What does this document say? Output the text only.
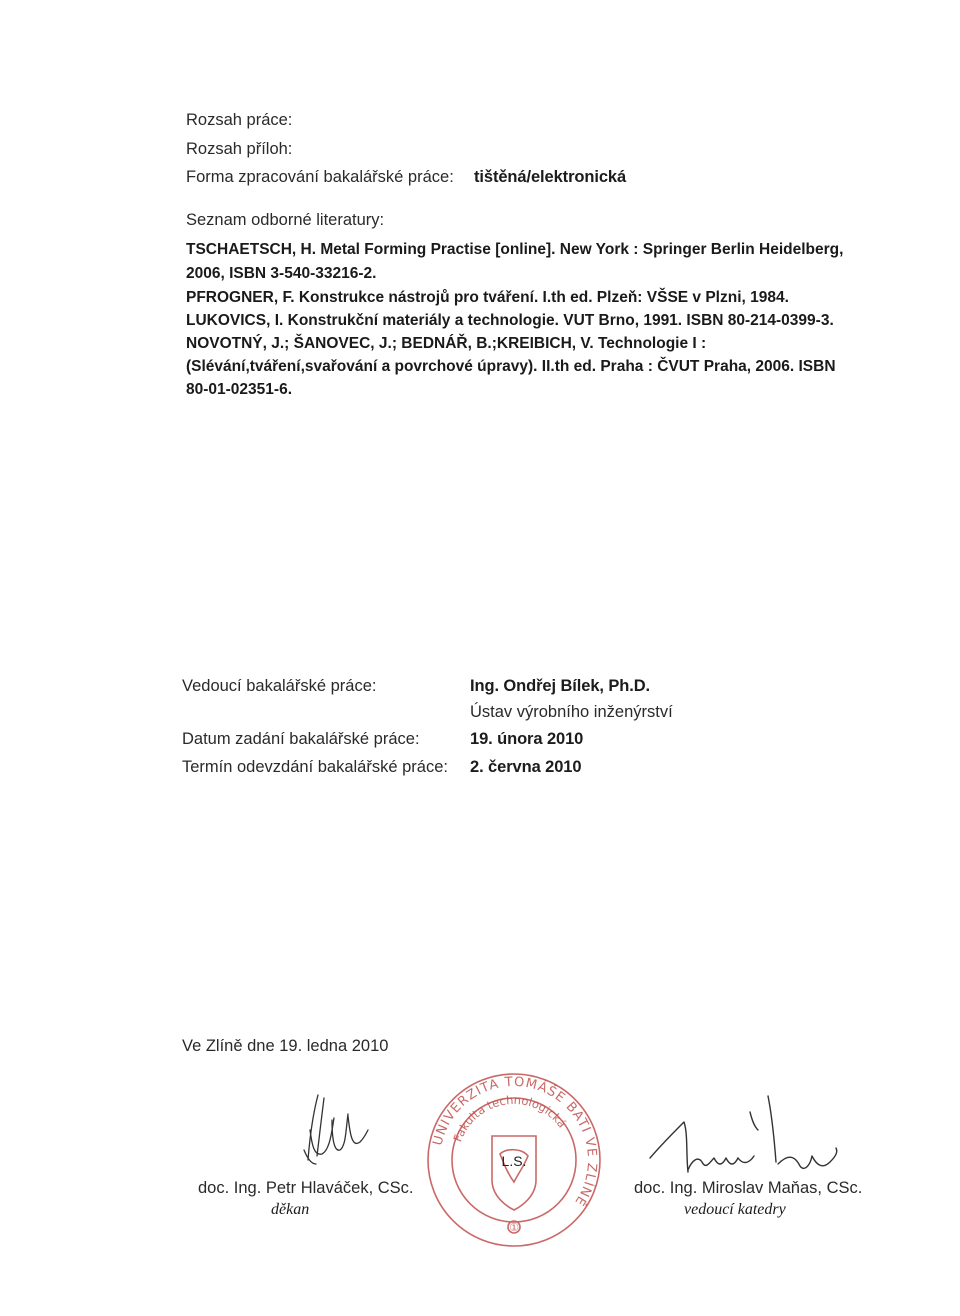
Rozsah práce:
Rozsah příloh:
Forma zpracování bakalářské práce: tištěná/elektronická
Seznam odborné literatury:
TSCHAETSCH, H. Metal Forming Practise [online]. New York : Springer Berlin Heidelberg,
2006, ISBN 3-540-33216-2.
PFROGNER, F. Konstrukce nástrojů pro tváření. I.th ed. Plzeň: VŠSE v Plzni, 1984.
LUKOVICS, I. Konstrukční materiály a technologie. VUT Brno, 1991. ISBN 80-214-0399-3.
NOVOTNÝ, J.; ŠANOVEC, J.; BEDNÁŘ, B.;KREIBICH, V. Technologie I :
(Slévání,tváření,svařování a povrchové úpravy). II.th ed. Praha : ČVUT Praha, 2006. ISBN
80-01-02351-6.
Vedoucí bakalářské práce:	Ing. Ondřej Bílek, Ph.D.
Ústav výrobního inženýrství
Datum zadání bakalářské práce:	19. února 2010
Termín odevzdání bakalářské práce: 2. června 2010
Ve Zlíně dne 19. ledna 2010
doc. Ing. Petr Hlaváček, CSc.
děkan
UNIVERZITA TOMÁŠE BATI VE ZLÍNĚ
Fakulta technologická
L.S.
①
doc. Ing. Miroslav Maňas, CSc.
vedoucí katedry
